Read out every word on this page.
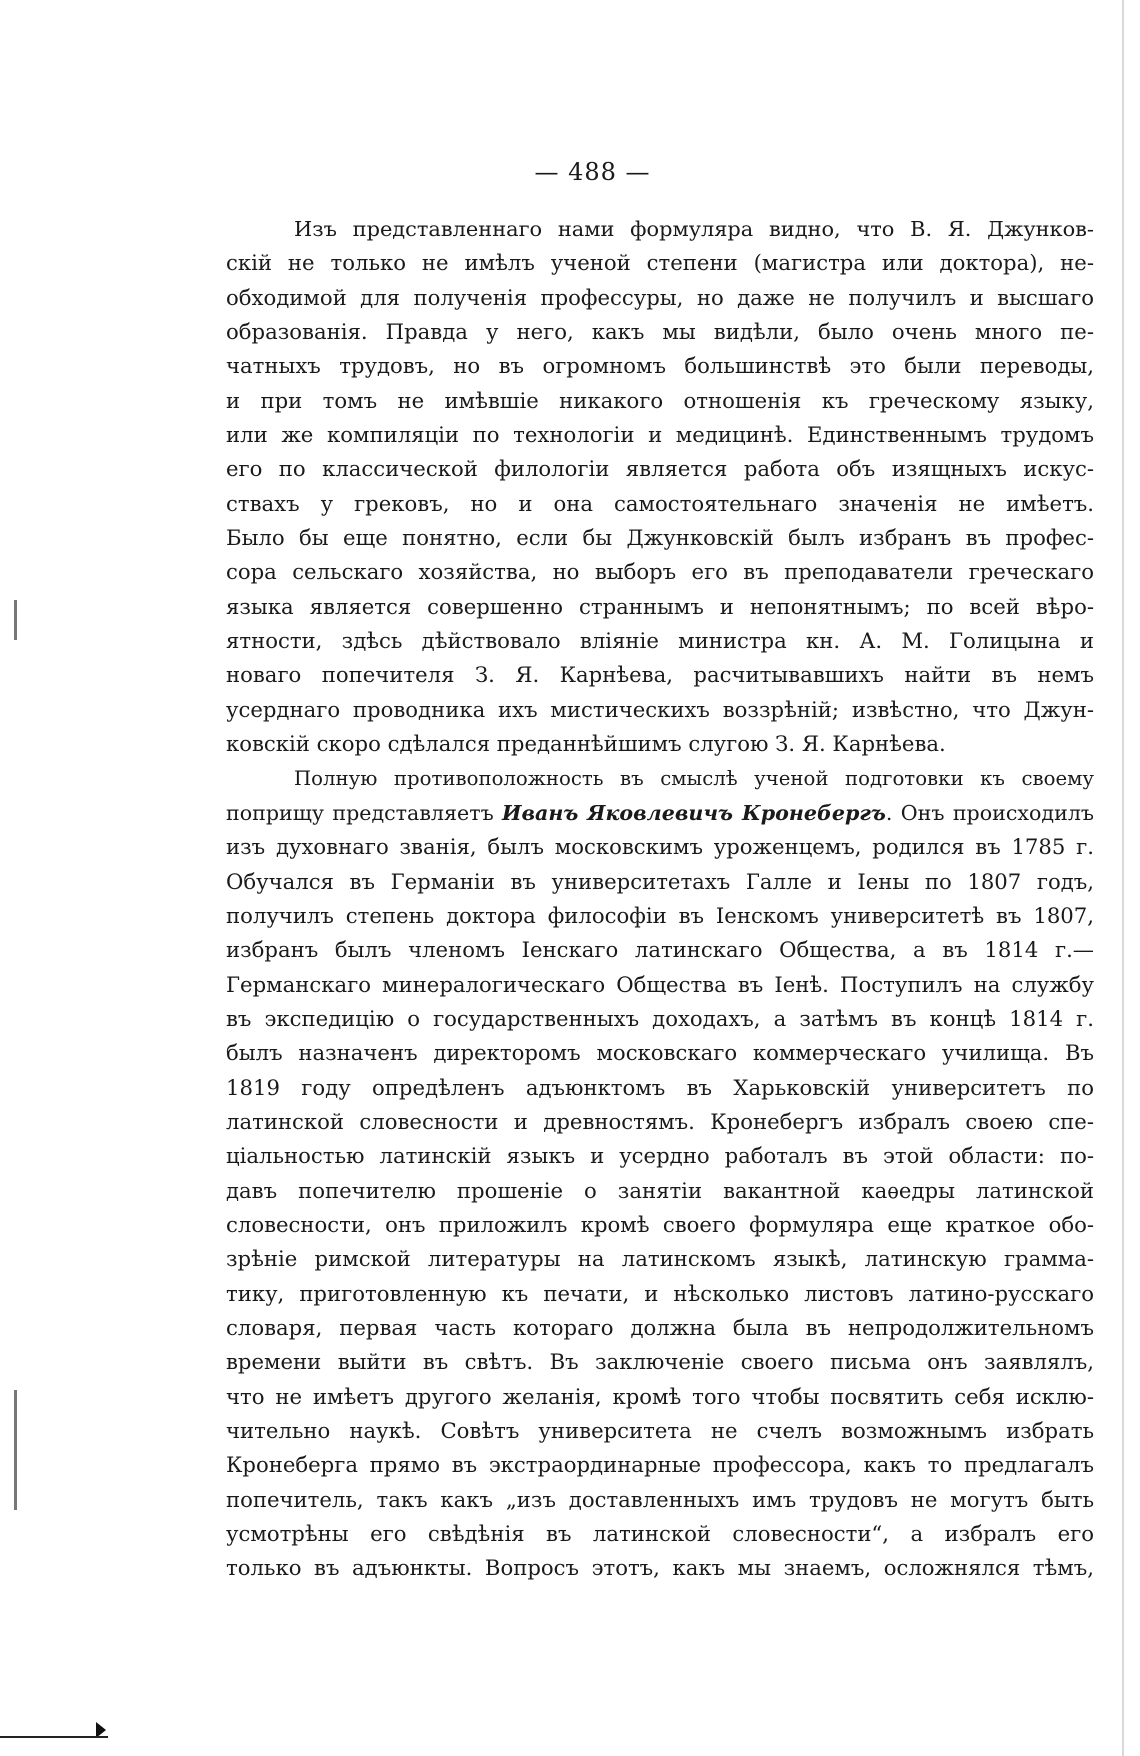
— 488 —
Изъ представленнаго нами формуляра видно, что В. Я. Джунков-
скій не только не имѣлъ ученой степени (магистра или доктора), не-
обходимой для полученія профессуры, но даже не получилъ и высшаго
образованія. Правда у него, какъ мы видѣли, было очень много пе-
чатныхъ трудовъ, но въ огромномъ большинствѣ это были переводы,
и при томъ не имѣвшіе никакого отношенія къ греческому языку,
или же компиляціи по технологіи и медицинѣ. Единственнымъ трудомъ
его по классической филологіи является работа объ изящныхъ искус-
ствахъ у грековъ, но и она самостоятельнаго значенія не имѣетъ.
Было бы еще понятно, если бы Джунковскій былъ избранъ въ профес-
сора сельскаго хозяйства, но выборъ его въ преподаватели греческаго
языка является совершенно страннымъ и непонятнымъ; по всей вѣро-
ятности, здѣсь дѣйствовало вліяніе министра кн. А. М. Голицына и
новаго попечителя З. Я. Карнѣева, расчитывавшихъ найти въ немъ
усерднаго проводника ихъ мистическихъ воззрѣній; извѣстно, что Джун-
ковскій скоро сдѣлался преданнѣйшимъ слугою З. Я. Карнѣева.
Полную противоположность въ смыслѣ ученой подготовки къ своему
поприщу представляетъ Иванъ Яковлевичъ Кронебергъ. Онъ происходилъ
изъ духовнаго званія, былъ московскимъ уроженцемъ, родился въ 1785 г.
Обучался въ Германіи въ университетахъ Галле и Іены по 1807 годъ,
получилъ степень доктора философіи въ Іенскомъ университетѣ въ 1807,
избранъ былъ членомъ Іенскаго латинскаго Общества, а въ 1814 г.—
Германскаго минералогическаго Общества въ Іенѣ. Поступилъ на службу
въ экспедицію о государственныхъ доходахъ, а затѣмъ въ концѣ 1814 г.
былъ назначенъ директоромъ московскаго коммерческаго училища. Въ
1819 году опредѣленъ адъюнктомъ въ Харьковскій университетъ по
латинской словесности и древностямъ. Кронебергъ избралъ своею спе-
ціальностью латинскій языкъ и усердно работалъ въ этой области: по-
давъ попечителю прошеніе о занятіи вакантной каѳедры латинской
словесности, онъ приложилъ кромѣ своего формуляра еще краткое обо-
зрѣніе римской литературы на латинскомъ языкѣ, латинскую грамма-
тику, приготовленную къ печати, и нѣсколько листовъ латино-русскаго
словаря, первая часть котораго должна была въ непродолжительномъ
времени выйти въ свѣтъ. Въ заключеніе своего письма онъ заявлялъ,
что не имѣетъ другого желанія, кромѣ того чтобы посвятить себя исклю-
чительно наукѣ. Совѣтъ университета не счелъ возможнымъ избрать
Кронеберга прямо въ экстраординарные профессора, какъ то предлагалъ
попечитель, такъ какъ „изъ доставленныхъ имъ трудовъ не могутъ быть
усмотрѣны его свѣдѣнія въ латинской словесности“, а избралъ его
только въ адъюнкты. Вопросъ этотъ, какъ мы знаемъ, осложнялся тѣмъ,
